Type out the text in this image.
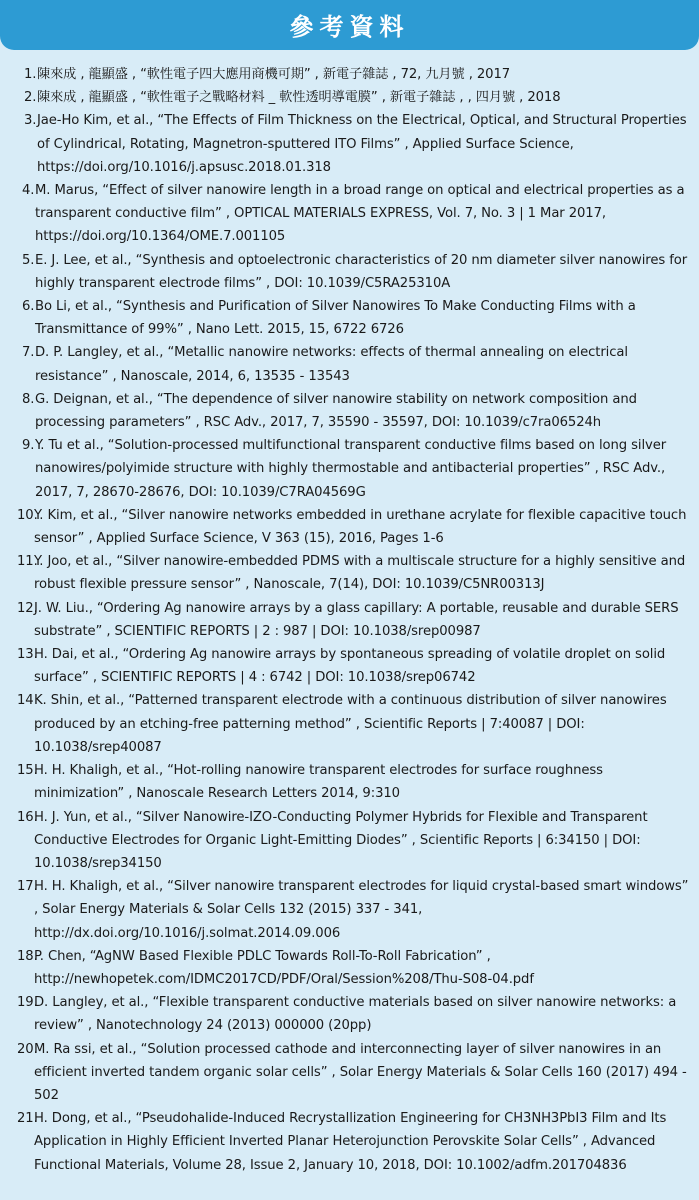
參考資料
1. 陳來成 , 龍顯盛 , “軟性電子四大應用商機可期” , 新電子雜誌 , 72, 九月號 , 2017
2. 陳來成 , 龍顯盛 , “軟性電子之戰略材料 _ 軟性透明導電膜” , 新電子雜誌 , , 四月號 , 2018
3. Jae-Ho Kim, et al., “The Effects of Film Thickness on the Electrical, Optical, and Structural Properties of Cylindrical, Rotating, Magnetron-sputtered ITO Films” , Applied Surface Science, https://doi.org/10.1016/j.apsusc.2018.01.318
4. M. Marus, “Effect of silver nanowire length in a broad range on optical and electrical properties as a transparent conductive film” , OPTICAL MATERIALS EXPRESS, Vol. 7, No. 3 | 1 Mar 2017, https://doi.org/10.1364/OME.7.001105
5. E. J. Lee, et al., “Synthesis and optoelectronic characteristics of 20 nm diameter silver nanowires for highly transparent electrode films” , DOI: 10.1039/C5RA25310A
6. Bo Li, et al., “Synthesis and Purification of Silver Nanowires To Make Conducting Films with a Transmittance of 99%” , Nano Lett. 2015, 15, 6722 6726
7. D. P. Langley, et al., “Metallic nanowire networks: effects of thermal annealing on electrical resistance” , Nanoscale, 2014, 6, 13535 - 13543
8. G. Deignan, et al., “The dependence of silver nanowire stability on network composition and processing parameters” , RSC Adv., 2017, 7, 35590 - 35597, DOI: 10.1039/c7ra06524h
9. Y. Tu et al., “Solution-processed multifunctional transparent conductive films based on long silver nanowires/polyimide structure with highly thermostable and antibacterial properties” , RSC Adv., 2017, 7, 28670-28676, DOI: 10.1039/C7RA04569G
10.
Y. Kim, et al., “Silver nanowire networks embedded in urethane acrylate for flexible capacitive touch sensor” , Applied Surface Science, V 363 (15), 2016, Pages 1-6
11.
Y. Joo, et al., “Silver nanowire-embedded PDMS with a multiscale structure for a highly sensitive and robust flexible pressure sensor” , Nanoscale, 7(14), DOI: 10.1039/C5NR00313J
12.
J. W. Liu., “Ordering Ag nanowire arrays by a glass capillary: A portable, reusable and durable SERS substrate” , SCIENTIFIC REPORTS | 2 : 987 | DOI: 10.1038/srep00987
13.
H. Dai, et al., “Ordering Ag nanowire arrays by spontaneous spreading of volatile droplet on solid surface” , SCIENTIFIC REPORTS | 4 : 6742 | DOI: 10.1038/srep06742
14 K. Shin, et al., “Patterned transparent electrode with a continuous distribution of silver nanowires produced by an etching-free patterning method” , Scientific Reports | 7:40087 | DOI: 10.1038/srep40087
15.
H. H. Khaligh, et al., “Hot-rolling nanowire transparent electrodes for surface roughness minimization” , Nanoscale Research Letters 2014, 9:310
16.
H. J. Yun, et al., “Silver Nanowire-IZO-Conducting Polymer Hybrids for Flexible and Transparent Conductive Electrodes for Organic Light-Emitting Diodes” , Scientific Reports | 6:34150 | DOI: 10.1038/srep34150
17.
H. H. Khaligh, et al., “Silver nanowire transparent electrodes for liquid crystal-based smart windows” , Solar Energy Materials & Solar Cells 132 (2015) 337 - 341, http://dx.doi.org/10.1016/j.solmat.2014.09.006
18.
P. Chen, “AgNW Based Flexible PDLC Towards Roll-To-Roll Fabrication” , http://newhopetek.com/IDMC2017CD/PDF/Oral/Session%208/Thu-S08-04.pdf
19.
D. Langley, et al., “Flexible transparent conductive materials based on silver nanowire networks: a review” , Nanotechnology 24 (2013) 000000 (20pp)
20.
M. Ra ssi, et al., “Solution processed cathode and interconnecting layer of silver nanowires in an efficient inverted tandem organic solar cells” , Solar Energy Materials & Solar Cells 160 (2017) 494 - 502
21.
H. Dong, et al., “Pseudohalide-Induced Recrystallization Engineering for CH3NH3PbI3 Film and Its Application in Highly Efficient Inverted Planar Heterojunction Perovskite Solar Cells” , Advanced Functional Materials, Volume 28, Issue 2, January 10, 2018, DOI: 10.1002/adfm.201704836
